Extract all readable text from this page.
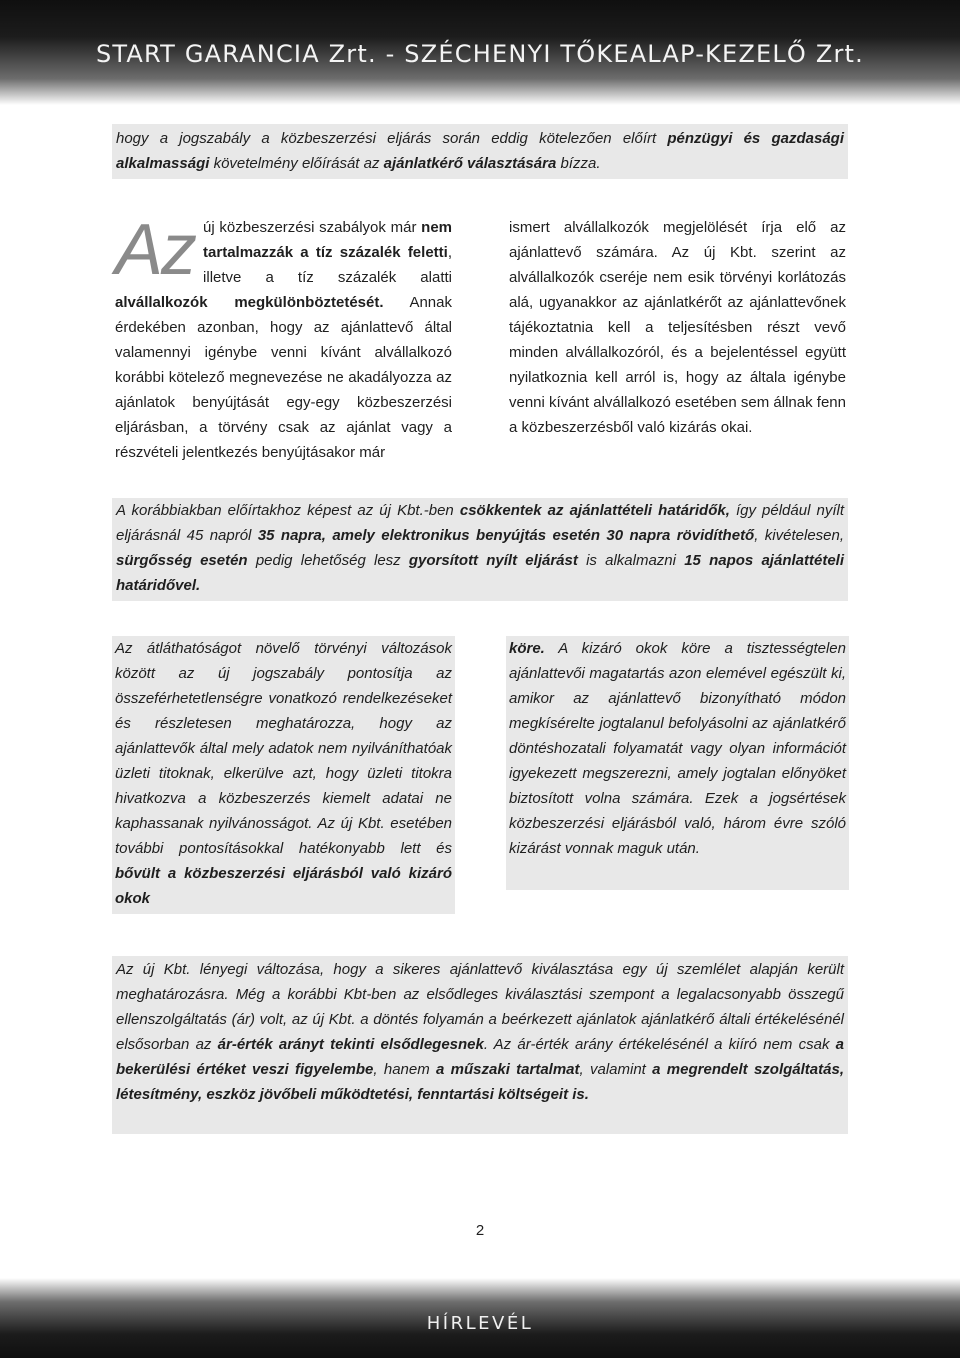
START GARANCIA Zrt. - SZÉCHENYI TŐKEALAP-KEZELŐ Zrt.

hogy a jogszabály a közbeszerzési eljárás során eddig kötelezően előírt pénzügyi és gazdasági alkalmassági követelmény előírását az ajánlatkérő választására bízza.

Az új közbeszerzési szabályok már nem tartalmazzák a tíz százalék feletti, illetve a tíz százalék alatti alvállalkozók megkülönböztetését. Annak érdekében azonban, hogy az ajánlattevő által valamennyi igénybe venni kívánt alvállalkozó korábbi kötelező megnevezése ne akadályozza az ajánlatok benyújtását egy-egy közbeszerzési eljárásban, a törvény csak az ajánlat vagy a részvételi jelentkezés benyújtásakor már

ismert alvállalkozók megjelölését írja elő az ajánlattevő számára. Az új Kbt. szerint az alvállalkozók cseréje nem esik törvényi korlátozás alá, ugyanakkor az ajánlatkérőt az ajánlattevőnek tájékoztatnia kell a teljesítésben részt vevő minden alvállalkozóról, és a bejelentéssel együtt nyilatkoznia kell arról is, hogy az általa igénybe venni kívánt alvállalkozó esetében sem állnak fenn a közbeszerzésből való kizárás okai.

A korábbiakban előírtakhoz képest az új Kbt.-ben csökkentek az ajánlattételi határidők, így például nyílt eljárásnál 45 napról 35 napra, amely elektronikus benyújtás esetén 30 napra rövidíthető, kivételesen, sürgősség esetén pedig lehetőség lesz gyorsított nyílt eljárást is alkalmazni 15 napos ajánlattételi határidővel.

Az átláthatóságot növelő törvényi változások között az új jogszabály pontosítja az összeférhetetlenségre vonatkozó rendelkezéseket és részletesen meghatározza, hogy az ajánlattevők által mely adatok nem nyilváníthatóak üzleti titoknak, elkerülve azt, hogy üzleti titokra hivatkozva a közbeszerzés kiemelt adatai ne kaphassanak nyilvánosságot. Az új Kbt. esetében további pontosításokkal hatékonyabb lett és bővült a közbeszerzési eljárásból való kizáró okok

köre. A kizáró okok köre a tisztességtelen ajánlattevői magatartás azon elemével egészült ki, amikor az ajánlattevő bizonyítható módon megkísérelte jogtalanul befolyásolni az ajánlatkérő döntéshozatali folyamatát vagy olyan információt igyekezett megszerezni, amely jogtalan előnyöket biztosított volna számára. Ezek a jogsértések közbeszerzési eljárásból való, három évre szóló kizárást vonnak maguk után.

Az új Kbt. lényegi változása, hogy a sikeres ajánlattevő kiválasztása egy új szemlélet alapján került meghatározásra. Még a korábbi Kbt-ben az elsődleges kiválasztási szempont a legalacsonyabb összegű ellenszolgáltatás (ár) volt, az új Kbt. a döntés folyamán a beérkezett ajánlatok ajánlatkérő általi értékelésénél elsősorban az ár-érték arányt tekinti elsődlegesnek. Az ár-érték arány értékelésénél a kiíró nem csak a bekerülési értéket veszi figyelembe, hanem a műszaki tartalmat, valamint a megrendelt szolgáltatás, létesítmény, eszköz jövőbeli működtetési, fenntartási költségeit is.

2
HÍRLEVÉL
